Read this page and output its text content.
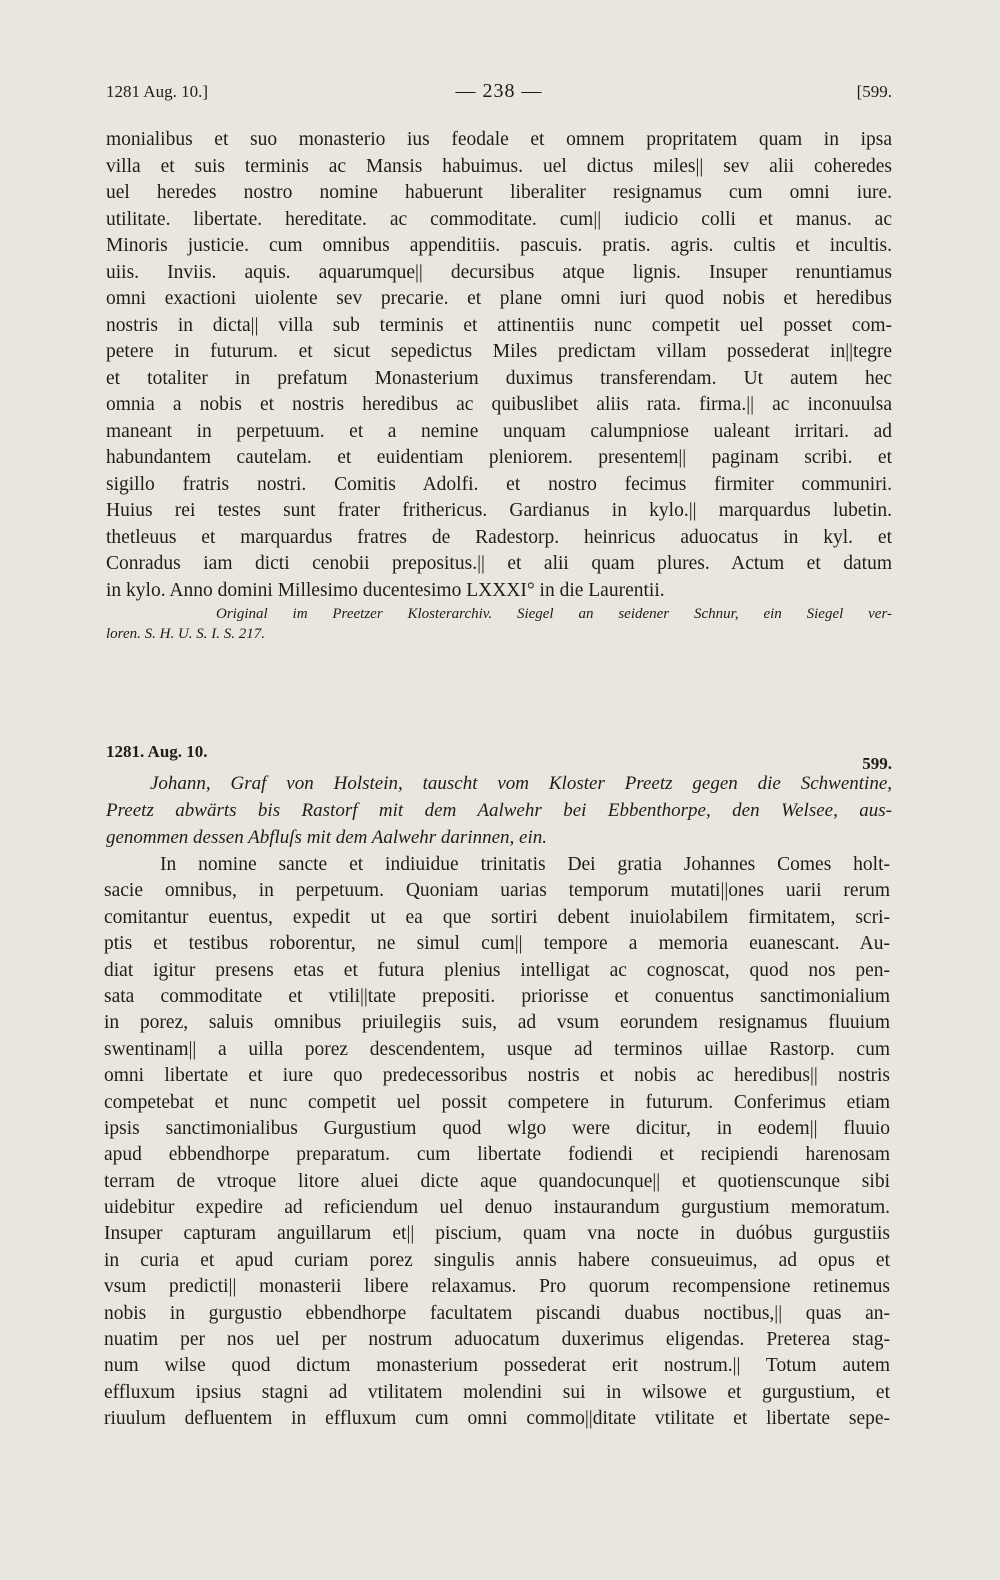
1281 Aug. 10.]	— 238 —	[599.
monialibus et suo monasterio ius feodale et omnem propritatem quam in ipsa
villa et suis terminis ac Mansis habuimus. uel dictus miles|| sev alii coheredes
uel heredes nostro nomine habuerunt liberaliter resignamus cum omni iure.
utilitate. libertate. hereditate. ac commoditate. cum|| iudicio colli et manus. ac
Minoris justicie. cum omnibus appenditiis. pascuis. pratis. agris. cultis et incultis.
uiis. Inviis. aquis. aquarumque|| decursibus atque lignis. Insuper renuntiamus
omni exactioni uiolente sev precarie. et plane omni iuri quod nobis et heredibus
nostris in dicta|| villa sub terminis et attinentiis nunc competit uel posset com-
petere in futurum. et sicut sepedictus Miles predictam villam possederat in||tegre
et totaliter in prefatum Monasterium duximus transferendam. Ut autem hec
omnia a nobis et nostris heredibus ac quibuslibet aliis rata. firma.|| ac inconuulsa
maneant in perpetuum. et a nemine unquam calumpniose ualeant irritari. ad
habundantem cautelam. et euidentiam pleniorem. presentem|| paginam scribi. et
sigillo fratris nostri. Comitis Adolfi. et nostro fecimus firmiter communiri.
Huius rei testes sunt frater frithericus. Gardianus in kylo.|| marquardus lubetin.
thetleuus et marquardus fratres de Radestorp. heinricus aduocatus in kyl. et
Conradus iam dicti cenobii prepositus.|| et alii quam plures. Actum et datum
in kylo. Anno domini Millesimo ducentesimo LXXXI° in die Laurentii.
Original im Preetzer Klosterarchiv. Siegel an seidener Schnur, ein Siegel ver-
loren. S. H. U. S. I. S. 217.
1281. Aug. 10.
599.
Johann, Graf von Holstein, tauscht vom Kloster Preetz gegen die Schwentine,
Preetz abwärts bis Rastorf mit dem Aalwehr bei Ebbenthorpe, den Welsee, aus-
genommen dessen Abfluſs mit dem Aalwehr darinnen, ein.
In nomine sancte et indiuidue trinitatis Dei gratia Johannes Comes holt-
sacie omnibus, in perpetuum. Quoniam uarias temporum mutati||ones uarii rerum
comitantur euentus, expedit ut ea que sortiri debent inuiolabilem firmitatem, scri-
ptis et testibus roborentur, ne simul cum|| tempore a memoria euanescant. Au-
diat igitur presens etas et futura plenius intelligat ac cognoscat, quod nos pen-
sata commoditate et vtili||tate prepositi. priorisse et conuentus sanctimonialium
in porez, saluis omnibus priuilegiis suis, ad vsum eorundem resignamus fluuium
swentinam|| a uilla porez descendentem, usque ad terminos uillae Rastorp. cum
omni libertate et iure quo predecessoribus nostris et nobis ac heredibus|| nostris
competebat et nunc competit uel possit competere in futurum. Conferimus etiam
ipsis sanctimonialibus Gurgustium quod wlgo were dicitur, in eodem|| fluuio
apud ebbendhorpe preparatum. cum libertate fodiendi et recipiendi harenosam
terram de vtroque litore aluei dicte aque quandocunque|| et quotienscunque sibi
uidebitur expedire ad reficiendum uel denuo instaurandum gurgustium memoratum.
Insuper capturam anguillarum et|| piscium, quam vna nocte in duóbus gurgustiis
in curia et apud curiam porez singulis annis habere consueuimus, ad opus et
vsum predicti|| monasterii libere relaxamus. Pro quorum recompensione retinemus
nobis in gurgustio ebbendhorpe facultatem piscandi duabus noctibus,|| quas an-
nuatim per nos uel per nostrum aduocatum duxerimus eligendas. Preterea stag-
num wilse quod dictum monasterium possederat erit nostrum.|| Totum autem
effluxum ipsius stagni ad vtilitatem molendini sui in wilsowe et gurgustium, et
riuulum defluentem in effluxum cum omni commo||ditate vtilitate et libertate sepe-
